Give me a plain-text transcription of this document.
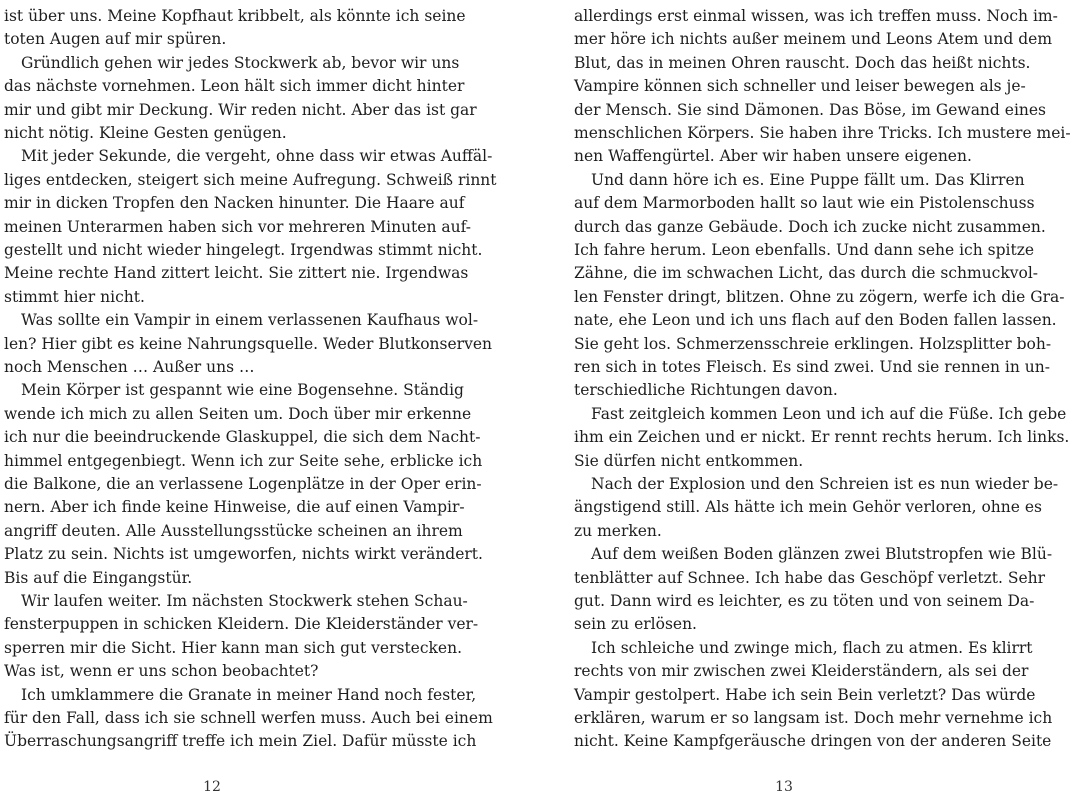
ist über uns. Meine Kopfhaut kribbelt, als könnte ich seine
toten Augen auf mir spüren.
Gründlich gehen wir jedes Stockwerk ab, bevor wir uns
das nächste vornehmen. Leon hält sich immer dicht hinter
mir und gibt mir Deckung. Wir reden nicht. Aber das ist gar
nicht nötig. Kleine Gesten genügen.
Mit jeder Sekunde, die vergeht, ohne dass wir etwas Auffäl-
liges entdecken, steigert sich meine Aufregung. Schweiß rinnt
mir in dicken Tropfen den Nacken hinunter. Die Haare auf
meinen Unterarmen haben sich vor mehreren Minuten auf-
gestellt und nicht wieder hingelegt. Irgendwas stimmt nicht.
Meine rechte Hand zittert leicht. Sie zittert nie. Irgendwas
stimmt hier nicht.
Was sollte ein Vampir in einem verlassenen Kaufhaus wol-
len? Hier gibt es keine Nahrungsquelle. Weder Blutkonserven
noch Menschen … Außer uns …
Mein Körper ist gespannt wie eine Bogensehne. Ständig
wende ich mich zu allen Seiten um. Doch über mir erkenne
ich nur die beeindruckende Glaskuppel, die sich dem Nacht-
himmel entgegenbiegt. Wenn ich zur Seite sehe, erblicke ich
die Balkone, die an verlassene Logenplätze in der Oper erin-
nern. Aber ich finde keine Hinweise, die auf einen Vampir-
angriff deuten. Alle Ausstellungsstücke scheinen an ihrem
Platz zu sein. Nichts ist umgeworfen, nichts wirkt verändert.
Bis auf die Eingangstür.
Wir laufen weiter. Im nächsten Stockwerk stehen Schau-
fensterpuppen in schicken Kleidern. Die Kleiderständer ver-
sperren mir die Sicht. Hier kann man sich gut verstecken.
Was ist, wenn er uns schon beobachtet?
Ich umklammere die Granate in meiner Hand noch fester,
für den Fall, dass ich sie schnell werfen muss. Auch bei einem
Überraschungsangriff treffe ich mein Ziel. Dafür müsste ich
allerdings erst einmal wissen, was ich treffen muss. Noch im-
mer höre ich nichts außer meinem und Leons Atem und dem
Blut, das in meinen Ohren rauscht. Doch das heißt nichts.
Vampire können sich schneller und leiser bewegen als je-
der Mensch. Sie sind Dämonen. Das Böse, im Gewand eines
menschlichen Körpers. Sie haben ihre Tricks. Ich mustere mei-
nen Waffengürtel. Aber wir haben unsere eigenen.
Und dann höre ich es. Eine Puppe fällt um. Das Klirren
auf dem Marmorboden hallt so laut wie ein Pistolenschuss
durch das ganze Gebäude. Doch ich zucke nicht zusammen.
Ich fahre herum. Leon ebenfalls. Und dann sehe ich spitze
Zähne, die im schwachen Licht, das durch die schmuckvol-
len Fenster dringt, blitzen. Ohne zu zögern, werfe ich die Gra-
nate, ehe Leon und ich uns flach auf den Boden fallen lassen.
Sie geht los. Schmerzensschreie erklingen. Holzsplitter boh-
ren sich in totes Fleisch. Es sind zwei. Und sie rennen in un-
terschiedliche Richtungen davon.
Fast zeitgleich kommen Leon und ich auf die Füße. Ich gebe
ihm ein Zeichen und er nickt. Er rennt rechts herum. Ich links.
Sie dürfen nicht entkommen.
Nach der Explosion und den Schreien ist es nun wieder be-
ängstigend still. Als hätte ich mein Gehör verloren, ohne es
zu merken.
Auf dem weißen Boden glänzen zwei Blutstropfen wie Blü-
tenblätter auf Schnee. Ich habe das Geschöpf verletzt. Sehr
gut. Dann wird es leichter, es zu töten und von seinem Da-
sein zu erlösen.
Ich schleiche und zwinge mich, flach zu atmen. Es klirrt
rechts von mir zwischen zwei Kleiderständern, als sei der
Vampir gestolpert. Habe ich sein Bein verletzt? Das würde
erklären, warum er so langsam ist. Doch mehr vernehme ich
nicht. Keine Kampfgeräusche dringen von der anderen Seite
12	13
